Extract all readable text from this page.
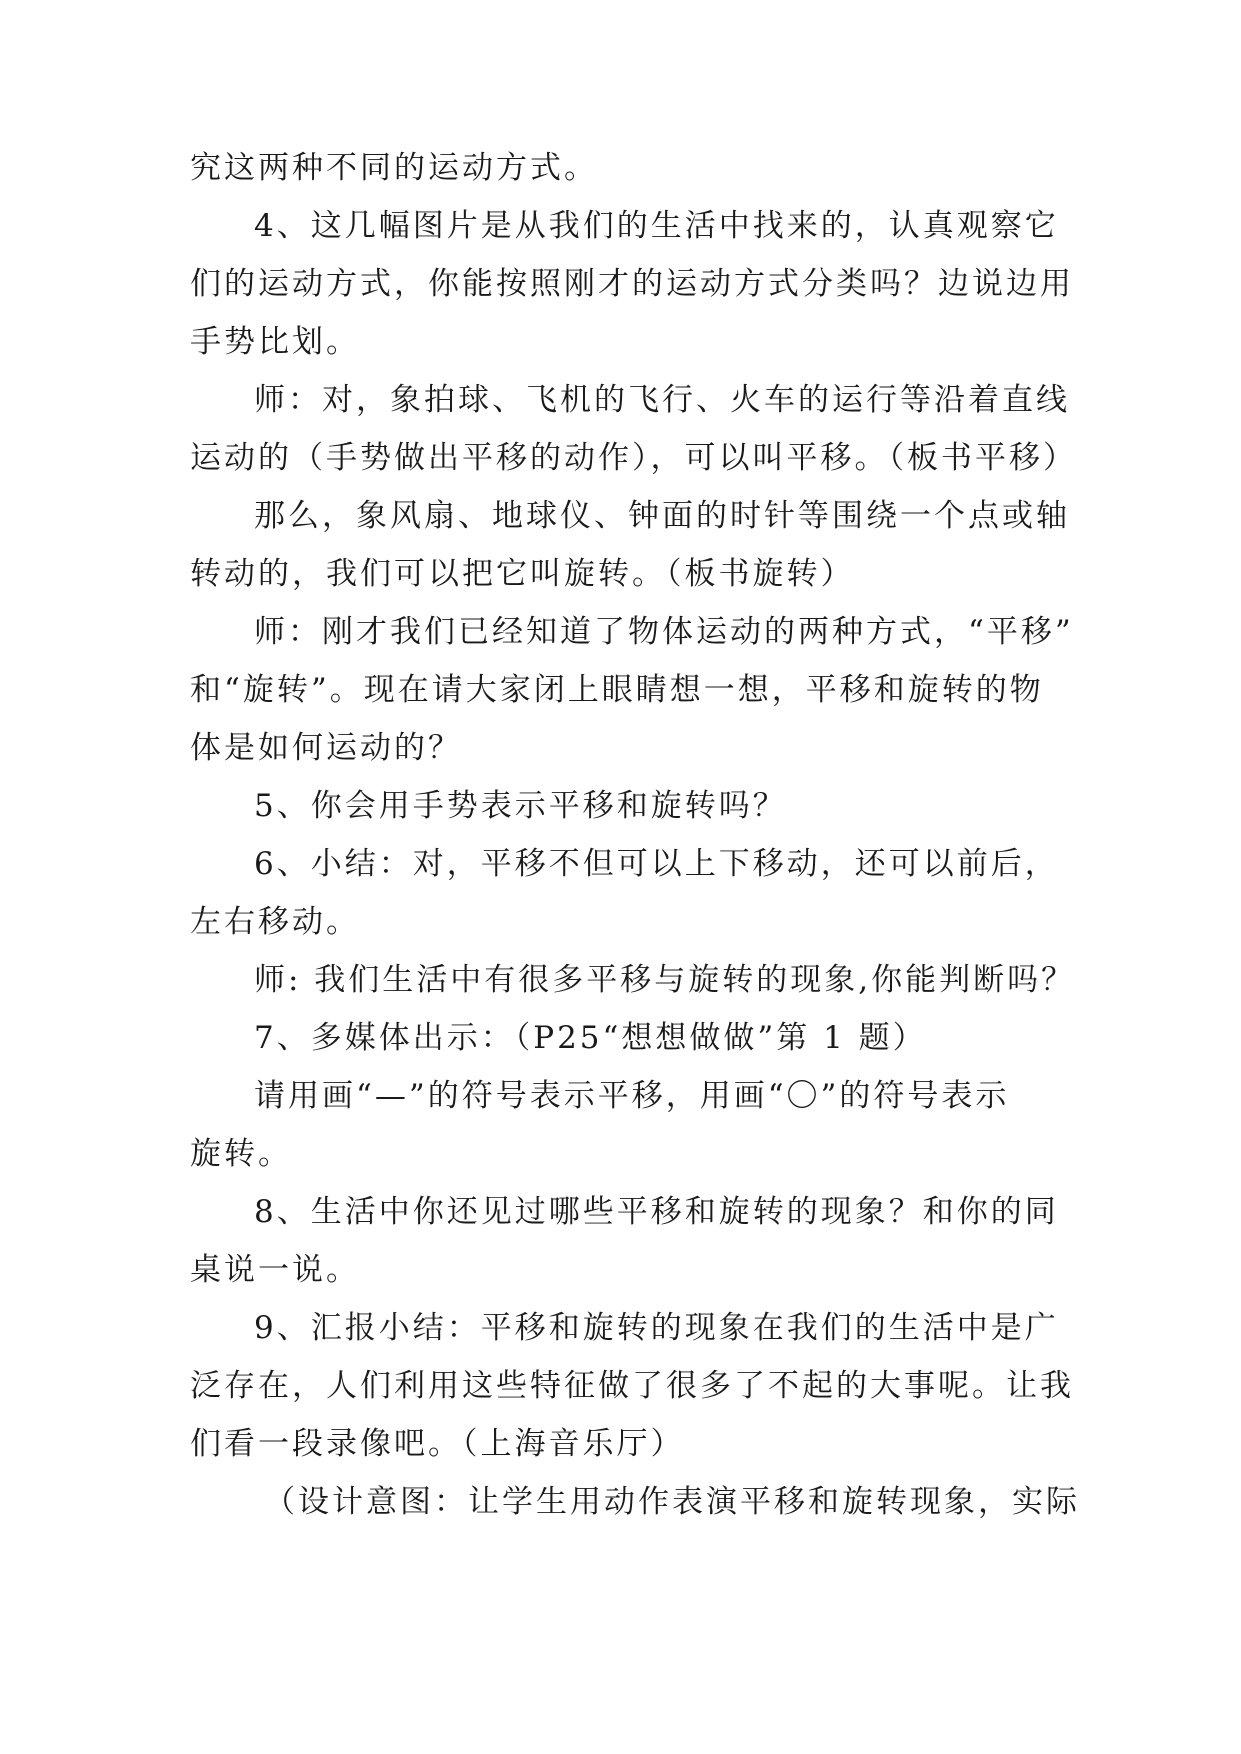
究这两种不同的运动方式。
4、这几幅图片是从我们的生活中找来的，认真观察它
们的运动方式，你能按照刚才的运动方式分类吗？边说边用
手势比划。
师：对，象拍球、飞机的飞行、火车的运行等沿着直线
运动的（手势做出平移的动作），可以叫平移。（板书平移）
那么，象风扇、地球仪、钟面的时针等围绕一个点或轴
转动的，我们可以把它叫旋转。（板书旋转）
师：刚才我们已经知道了物体运动的两种方式，“平移”
和“旋转”。现在请大家闭上眼睛想一想，平移和旋转的物
体是如何运动的？
5、你会用手势表示平移和旋转吗？
6、小结：对，平移不但可以上下移动，还可以前后，
左右移动。
师: 我们生活中有很多平移与旋转的现象,你能判断吗？
7、多媒体出示：（P25“想想做做”第 1 题）
请用画“—”的符号表示平移，用画“〇”的符号表示
旋转。
8、生活中你还见过哪些平移和旋转的现象？和你的同
桌说一说。
9、汇报小结：平移和旋转的现象在我们的生活中是广
泛存在，人们利用这些特征做了很多了不起的大事呢。让我
们看一段录像吧。（上海音乐厅）
（设计意图：让学生用动作表演平移和旋转现象，实际
